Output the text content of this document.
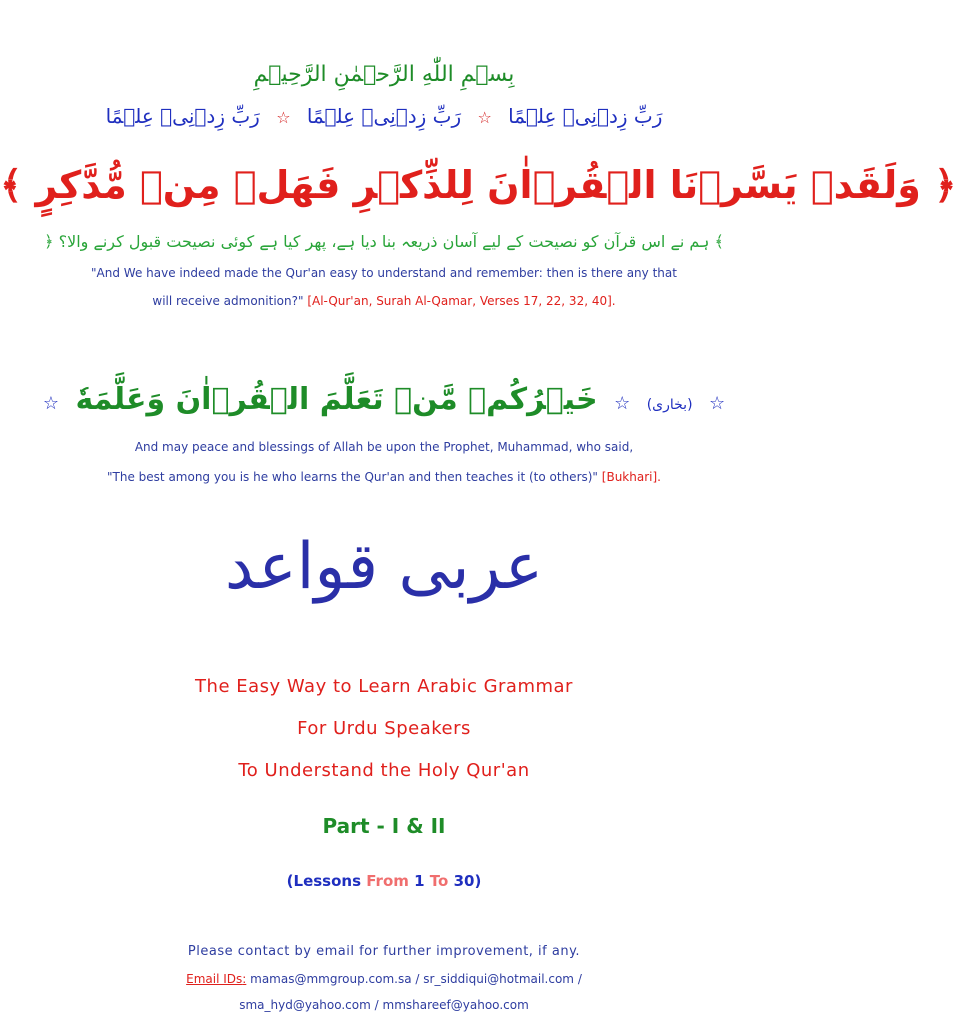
بِسۡمِ اللّٰهِ الرَّحۡمٰنِ الرَّحِيۡمِ
رَبِّ زِدۡنِیۡ عِلۡمًا ☆ رَبِّ زِدۡنِیۡ عِلۡمًا ☆ رَبِّ زِدۡنِیۡ عِلۡمًا
﴾ وَلَقَدۡ يَسَّرۡنَا الۡقُرۡاٰنَ لِلذِّكۡرِ فَهَلۡ مِنۡ مُّدَّكِرٍ ﴿
﴾ ہم نے اس قرآن کو نصیحت کے لیے آسان ذریعہ بنا دیا ہے، پھر کیا ہے کوئی نصیحت قبول کرنے والا؟ ﴿
"And We have indeed made the Qur'an easy to understand and remember: then is there any that
will receive admonition?" [Al-Qur'an, Surah Al-Qamar, Verses 17, 22, 32, 40].
☆	(بخاری) ☆ خَيۡرُكُمۡ مَّنۡ تَعَلَّمَ الۡقُرۡاٰنَ وَعَلَّمَهٗ	☆
And may peace and blessings of Allah be upon the Prophet, Muhammad, who said,
"The best among you is he who learns the Qur'an and then teaches it (to others)" [Bukhari].
عربی قواعد
The Easy Way to Learn Arabic Grammar
For Urdu Speakers
To Understand the Holy Qur'an
Part - I & II
(Lessons From 1 To 30)
Please contact by email for further improvement, if any.
Email IDs: mamas@mmgroup.com.sa / sr_siddiqui@hotmail.com /
sma_hyd@yahoo.com / mmshareef@yahoo.com
